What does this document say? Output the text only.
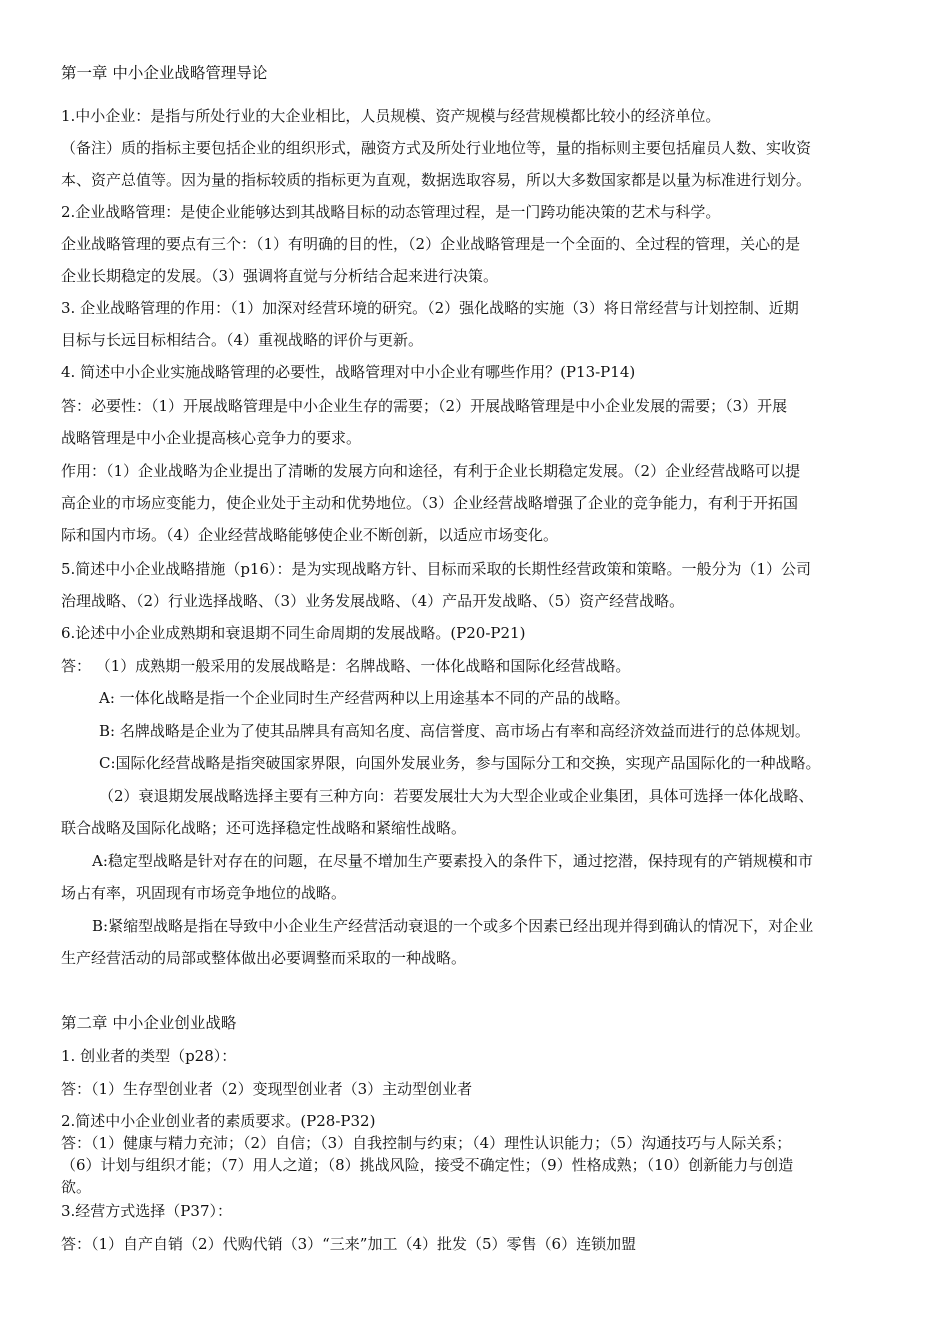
第一章 中小企业战略管理导论
1.中小企业：是指与所处行业的大企业相比，人员规模、资产规模与经营规模都比较小的经济单位。
（备注）质的指标主要包括企业的组织形式，融资方式及所处行业地位等，量的指标则主要包括雇员人数、实收资
本、资产总值等。因为量的指标较质的指标更为直观，数据选取容易，所以大多数国家都是以量为标准进行划分。
2.企业战略管理：是使企业能够达到其战略目标的动态管理过程，是一门跨功能决策的艺术与科学。
企业战略管理的要点有三个：（1）有明确的目的性，（2）企业战略管理是一个全面的、全过程的管理，关心的是
企业长期稳定的发展。（3）强调将直觉与分析结合起来进行决策。
3. 企业战略管理的作用：（1）加深对经营环境的研究。（2）强化战略的实施（3）将日常经营与计划控制、近期
目标与长远目标相结合。（4）重视战略的评价与更新。
4. 简述中小企业实施战略管理的必要性，战略管理对中小企业有哪些作用？(P13-P14)
答：必要性：（1）开展战略管理是中小企业生存的需要；（2）开展战略管理是中小企业发展的需要；（3）开展
战略管理是中小企业提高核心竞争力的要求。
作用：（1）企业战略为企业提出了清晰的发展方向和途径，有利于企业长期稳定发展。（2）企业经营战略可以提
高企业的市场应变能力，使企业处于主动和优势地位。（3）企业经营战略增强了企业的竞争能力，有利于开拓国
际和国内市场。（4）企业经营战略能够使企业不断创新，以适应市场变化。
5.简述中小企业战略措施（p16）：是为实现战略方针、目标而采取的长期性经营政策和策略。一般分为（1）公司
治理战略、（2）行业选择战略、（3）业务发展战略、（4）产品开发战略、（5）资产经营战略。
6.论述中小企业成熟期和衰退期不同生命周期的发展战略。(P20-P21)
答： （1）成熟期一般采用的发展战略是：名牌战略、一体化战略和国际化经营战略。
A: 一体化战略是指一个企业同时生产经营两种以上用途基本不同的产品的战略。
B: 名牌战略是企业为了使其品牌具有高知名度、高信誉度、高市场占有率和高经济效益而进行的总体规划。
C:国际化经营战略是指突破国家界限，向国外发展业务，参与国际分工和交换，实现产品国际化的一种战略。
（2）衰退期发展战略选择主要有三种方向：若要发展壮大为大型企业或企业集团，具体可选择一体化战略、
联合战略及国际化战略；还可选择稳定性战略和紧缩性战略。
A:稳定型战略是针对存在的问题，在尽量不增加生产要素投入的条件下，通过挖潜，保持现有的产销规模和市
场占有率，巩固现有市场竞争地位的战略。
B:紧缩型战略是指在导致中小企业生产经营活动衰退的一个或多个因素已经出现并得到确认的情况下，对企业
生产经营活动的局部或整体做出必要调整而采取的一种战略。
第二章 中小企业创业战略
1. 创业者的类型（p28）：
答：（1）生存型创业者（2）变现型创业者（3）主动型创业者
2.简述中小企业创业者的素质要求。(P28-P32)
答：（1）健康与精力充沛；（2）自信；（3）自我控制与约束；（4）理性认识能力；（5）沟通技巧与人际关系；
（6）计划与组织才能；（7）用人之道；（8）挑战风险，接受不确定性；（9）性格成熟；（10）创新能力与创造
欲。
3.经营方式选择（P37）：
答：（1）自产自销（2）代购代销（3）“三来”加工（4）批发（5）零售（6）连锁加盟
